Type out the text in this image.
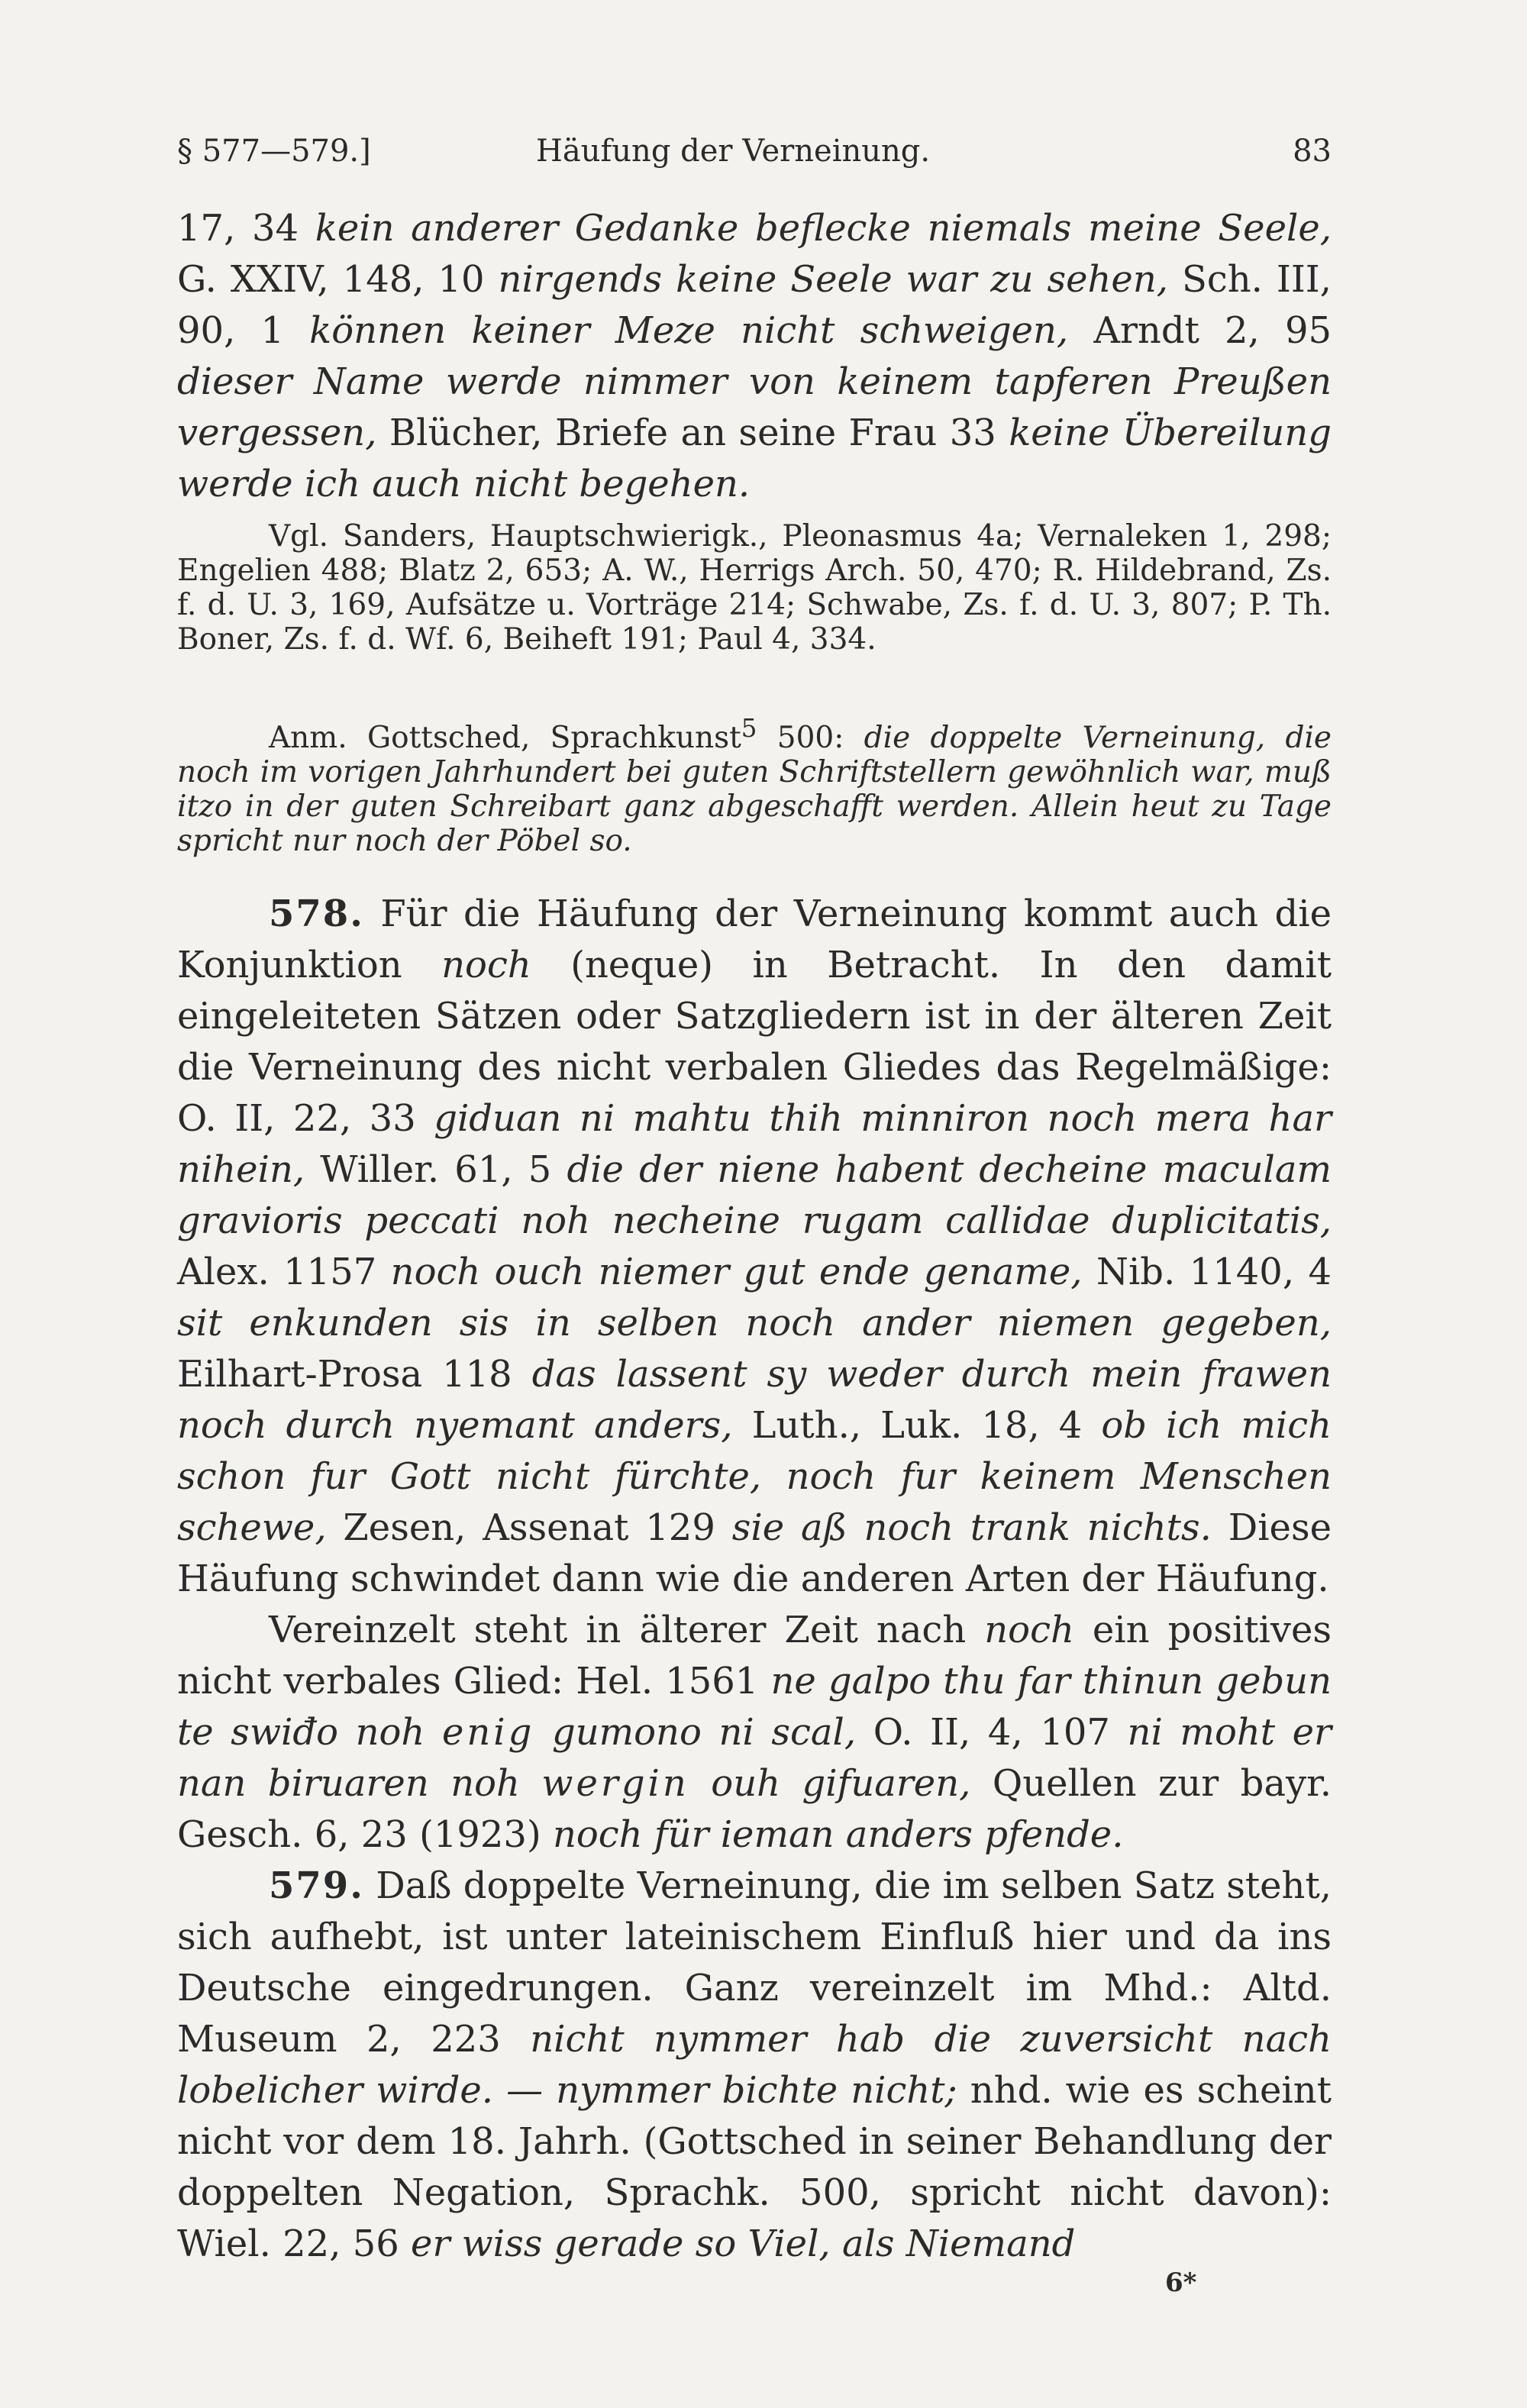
§ 577—579.]	Häufung der Verneinung.	83

17, 34 kein anderer Gedanke beflecke niemals meine Seele, G. XXIV, 148, 10 nirgends keine Seele war zu sehen, Sch. III, 90, 1 können keiner Meze nicht schweigen, Arndt 2, 95 dieser Name werde nimmer von keinem tapferen Preußen vergessen, Blücher, Briefe an seine Frau 33 keine Übereilung werde ich auch nicht begehen.

Vgl. Sanders, Hauptschwierigk., Pleonasmus 4a; Vernaleken 1, 298; Engelien 488; Blatz 2, 653; A. W., Herrigs Arch. 50, 470; R. Hildebrand, Zs. f. d. U. 3, 169, Aufsätze u. Vorträge 214; Schwabe, Zs. f. d. U. 3, 807; P. Th. Boner, Zs. f. d. Wf. 6, Beiheft 191; Paul 4, 334.

Anm. Gottsched, Sprachkunst$^5$ 500: die doppelte Verneinung, die noch im vorigen Jahrhundert bei guten Schriftstellern gewöhnlich war, muß itzo in der guten Schreibart ganz abgeschafft werden. Allein heut zu Tage spricht nur noch der Pöbel so.

578. Für die Häufung der Verneinung kommt auch die Konjunktion noch (neque) in Betracht. In den damit eingeleiteten Sätzen oder Satzgliedern ist in der älteren Zeit die Verneinung des nicht verbalen Gliedes das Regelmäßige: O. II, 22, 33 giduan ni mahtu thih minniron noch mera har nihein, Willer. 61, 5 die der niene habent decheine maculam gravioris peccati noh necheine rugam callidae duplicitatis, Alex. 1157 noch ouch niemer gut ende gename, Nib. 1140, 4 sit enkunden sis in selben noch ander niemen gegeben, Eilhart-Prosa 118 das lassent sy weder durch mein frawen noch durch nyemant anders, Luth., Luk. 18, 4 ob ich mich schon fur Gott nicht fürchte, noch fur keinem Menschen schewe, Zesen, Assenat 129 sie aß noch trank nichts. Diese Häufung schwindet dann wie die anderen Arten der Häufung.

Vereinzelt steht in älterer Zeit nach noch ein positives nicht verbales Glied: Hel. 1561 ne galpo thu far thinun gebun te swiđo noh enig gumono ni scal, O. II, 4, 107 ni moht er nan biruaren noh wergin ouh gifuaren, Quellen zur bayr. Gesch. 6, 23 (1923) noch für ieman anders pfende.

579. Daß doppelte Verneinung, die im selben Satz steht, sich aufhebt, ist unter lateinischem Einfluß hier und da ins Deutsche eingedrungen. Ganz vereinzelt im Mhd.: Altd. Museum 2, 223 nicht nymmer hab die zuversicht nach lobelicher wirde. — nymmer bichte nicht; nhd. wie es scheint nicht vor dem 18. Jahrh. (Gottsched in seiner Behandlung der doppelten Negation, Sprachk. 500, spricht nicht davon): Wiel. 22, 56 er wiss gerade so Viel, als Niemand

6*
